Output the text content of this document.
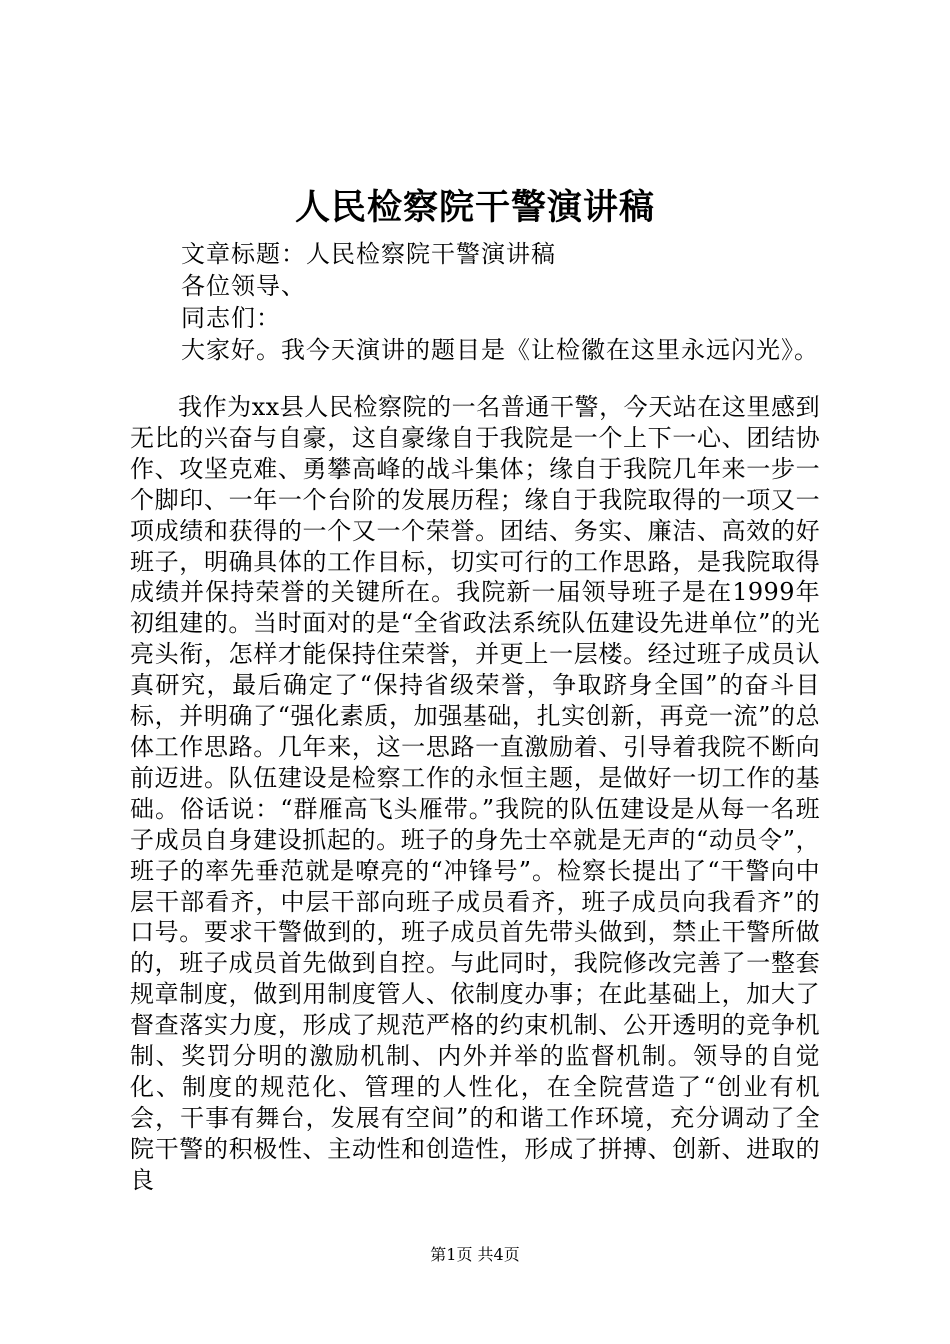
人民检察院干警演讲稿
文章标题：人民检察院干警演讲稿
各位领导、
同志们：
大家好。我今天演讲的题目是《让检徽在这里永远闪光》。

我作为xx县人民检察院的一名普通干警，今天站在这里感到无比的兴奋与自豪，这自豪缘自于我院是一个上下一心、团结协作、攻坚克难、勇攀高峰的战斗集体；缘自于我院几年来一步一个脚印、一年一个台阶的发展历程；缘自于我院取得的一项又一项成绩和获得的一个又一个荣誉。团结、务实、廉洁、高效的好班子，明确具体的工作目标，切实可行的工作思路，是我院取得成绩并保持荣誉的关键所在。我院新一届领导班子是在1999年初组建的。当时面对的是“全省政法系统队伍建设先进单位”的光亮头衔，怎样才能保持住荣誉，并更上一层楼。经过班子成员认真研究，最后确定了“保持省级荣誉，争取跻身全国”的奋斗目标，并明确了“强化素质，加强基础，扎实创新，再竞一流”的总体工作思路。几年来，这一思路一直激励着、引导着我院不断向前迈进。队伍建设是检察工作的永恒主题，是做好一切工作的基础。俗话说：“群雁高飞头雁带。”我院的队伍建设是从每一名班子成员自身建设抓起的。班子的身先士卒就是无声的“动员令”，班子的率先垂范就是嘹亮的“冲锋号”。检察长提出了“干警向中层干部看齐，中层干部向班子成员看齐，班子成员向我看齐”的口号。要求干警做到的，班子成员首先带头做到，禁止干警所做的，班子成员首先做到自控。与此同时，我院修改完善了一整套规章制度，做到用制度管人、依制度办事；在此基础上，加大了督查落实力度，形成了规范严格的约束机制、公开透明的竞争机制、奖罚分明的激励机制、内外并举的监督机制。领导的自觉化、制度的规范化、管理的人性化，在全院营造了“创业有机会，干事有舞台，发展有空间”的和谐工作环境，充分调动了全院干警的积极性、主动性和创造性，形成了拼搏、创新、进取的良

第1页 共4页
